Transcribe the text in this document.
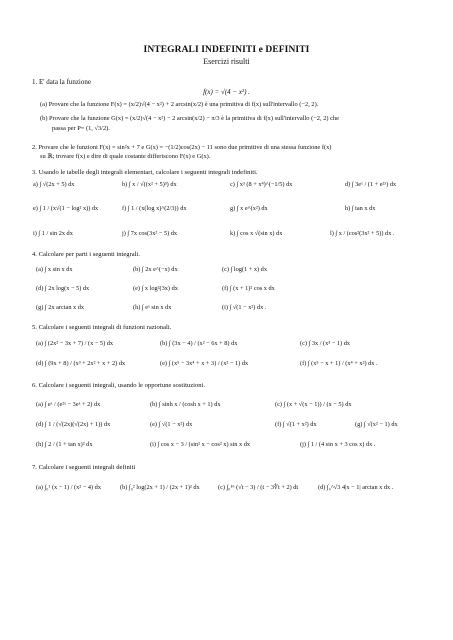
INTEGRALI INDEFINITI e DEFINITI
Esercizi risulti
1. E' data la funzione
f(x) = √(4 − x²) .
(a) Provare che la funzione F(x) = (x/2)√(4 − x²) + 2 arcsin(x/2) è una primitiva di f(x) sull'intervallo (−2, 2).
(b) Provare che la funzione G(x) = (x/2)√(4 − x²) − 2 arcsin(x/2) − π/3 è la primitiva di f(x) sull'intervallo (−2, 2) che
passa per P= (1, √3/2).
2. Provare che le funzioni F(x) = sin²x + 7 e G(x) = −(1/2)cos(2x) − 11 sono due primitive di una stessa funzione f(x)
su ℝ; trovare f(x) e dire di quale costante differiscono F(x) e G(x).
3. Usando le tabelle degli integrali elementari, calcolare i seguenti integrali indefiniti.
a) ∫ √(2x + 5) dx	b) ∫ x / √((x² + 5)³) dx	c) ∫ x³ (8 + x⁴)^(−1/5) dx	d) ∫ 3eˣ / (1 + e²ˣ) dx
e) ∫ 1 / (x√(1 − log² x)) dx	f) ∫ 1 / (x(log x)^(2/3)) dx	g) ∫ x e^(x²) dx	h) ∫ tan x dx
i) ∫ 1 / sin 2x dx	j) ∫ 7x cos(3x² − 5) dx	k) ∫ cos x √(sin x) dx	l) ∫ x / (cos²(3x² + 5)) dx .
4. Calcolare per parti i seguenti integrali.
(a) ∫ x sin x dx	(b) ∫ 2x e^(−x) dx	(c) ∫ log(1 + x) dx
(d) ∫ 2x log(x − 5) dx	(e) ∫ x log²(3x) dx	(f) ∫ (x + 1)² cos x dx
(g) ∫ 2x arctan x dx	(h) ∫ eˣ sin x dx	(i) ∫ √(1 − x²) dx .
5. Calcolare i seguenti integrali di funzioni razionali.
(a) ∫ (2x² − 3x + 7) / (x − 5) dx	(b) ∫ (3x − 4) / (x² − 6x + 8) dx	(c) ∫ 3x / (x³ − 1) dx
(d) ∫ (9x + 8) / (x³ + 2x² + x + 2) dx	(e) ∫ (x⁵ − 3x⁴ + x + 3) / (x² − 1) dx	(f) ∫ (x⁵ − x + 1) / (x⁴ + x²) dx .
6. Calcolare i seguenti integrali, usando le opportune sostituzioni.
(a) ∫ eˣ / (e²ˣ − 3eˣ + 2) dx	(b) ∫ sinh x / (cosh x + 1) dx	(c) ∫ (x + √(x − 1)) / (x − 5) dx
(d) ∫ 1 / (√(2x)(√(2x) + 1)) dx	(e) ∫ √(1 − x²) dx	(f) ∫ √(1 + x²) dx	(g) ∫ √(x² − 1) dx
(h) ∫ 2 / (1 + tan x)² dx	(i) ∫ cos x − 3 / (sin² x − cos² x) sin x dx	(j) ∫ 1 / (4 sin x + 3 cos x) dx .
7. Calcolare i seguenti integrali definiti
(a) ∫₀¹ (x − 1) / (x² − 4) dx	(b) ∫₀² log(2x + 1) / (2x + 1)² dx	(c) ∫₀¹⁶ (√t − 3) / (t − 3∜t + 2) dt	(d) ∫₀^√3 4|x − 1| arctan x dx .
